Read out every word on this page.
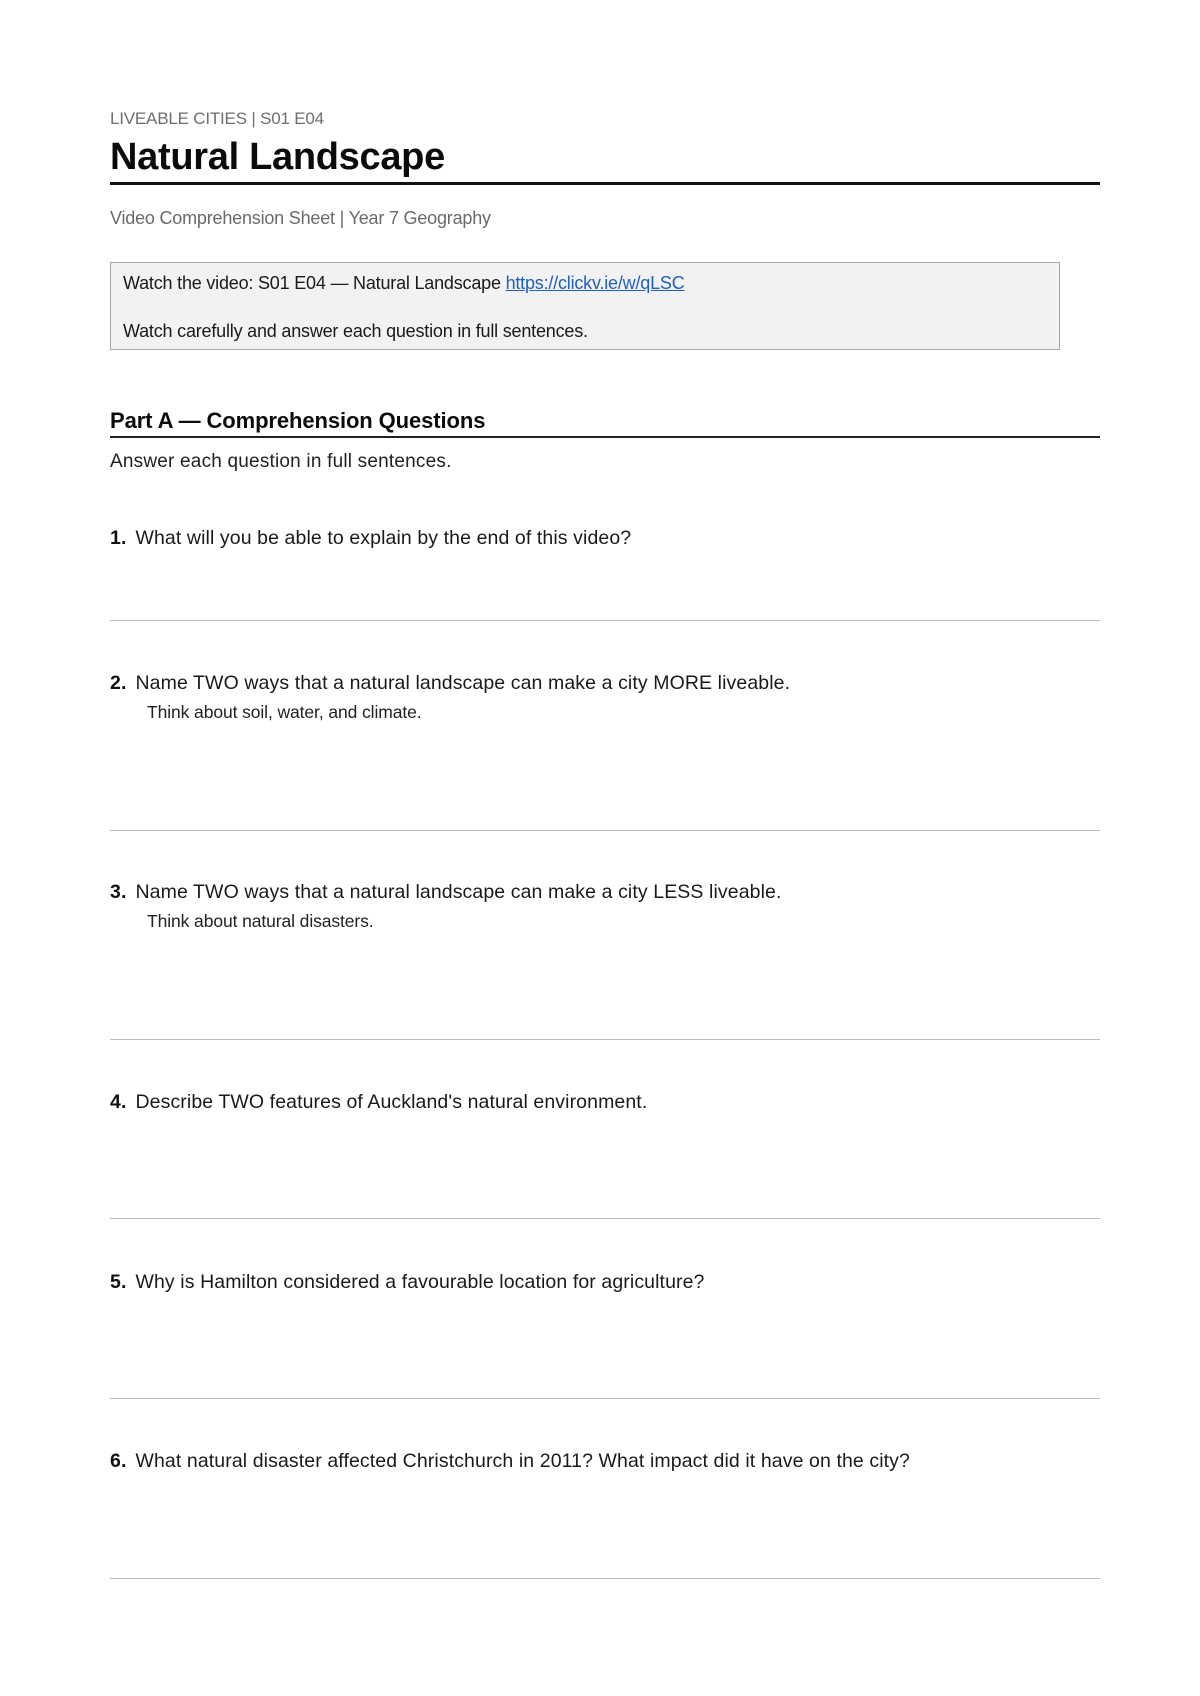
LIVEABLE CITIES | S01 E04
Natural Landscape
Video Comprehension Sheet | Year 7 Geography
Watch the video: S01 E04 — Natural Landscape https://clickv.ie/w/qLSC
Watch carefully and answer each question in full sentences.
Part A — Comprehension Questions
Answer each question in full sentences.
1. What will you be able to explain by the end of this video?
2. Name TWO ways that a natural landscape can make a city MORE liveable.
Think about soil, water, and climate.
3. Name TWO ways that a natural landscape can make a city LESS liveable.
Think about natural disasters.
4. Describe TWO features of Auckland's natural environment.
5. Why is Hamilton considered a favourable location for agriculture?
6. What natural disaster affected Christchurch in 2011? What impact did it have on the city?
